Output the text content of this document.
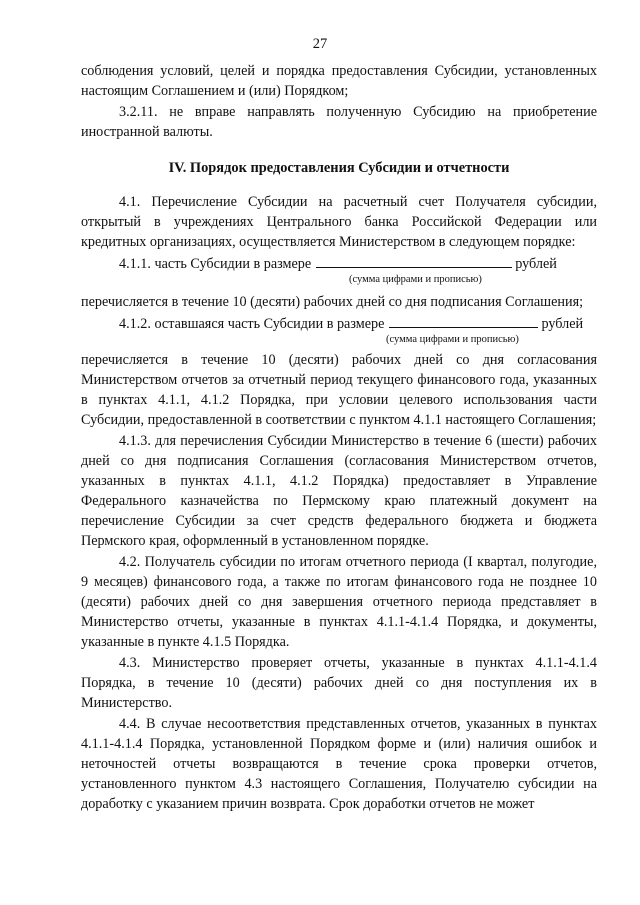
27

соблюдения условий, целей и порядка предоставления Субсидии, установленных настоящим Соглашением и (или) Порядком;

3.2.11. не вправе направлять полученную Субсидию на приобретение иностранной валюты.

IV. Порядок предоставления Субсидии и отчетности

4.1. Перечисление Субсидии на расчетный счет Получателя субсидии, открытый в учреждениях Центрального банка Российской Федерации или кредитных организациях, осуществляется Министерством в следующем порядке:

4.1.1. часть Субсидии в размере	рублей
(сумма цифрами и прописью)

перечисляется в течение 10 (десяти) рабочих дней со дня подписания Соглашения;

4.1.2. оставшаяся часть Субсидии в размере	рублей
(сумма цифрами и прописью)

перечисляется в течение 10 (десяти) рабочих дней со дня согласования Министерством отчетов за отчетный период текущего финансового года, указанных в пунктах 4.1.1, 4.1.2 Порядка, при условии целевого использования части Субсидии, предоставленной в соответствии с пунктом 4.1.1 настоящего Соглашения;

4.1.3. для перечисления Субсидии Министерство в течение 6 (шести) рабочих дней со дня подписания Соглашения (согласования Министерством отчетов, указанных в пунктах 4.1.1, 4.1.2 Порядка) предоставляет в Управление Федерального казначейства по Пермскому краю платежный документ на перечисление Субсидии за счет средств федерального бюджета и бюджета Пермского края, оформленный в установленном порядке.

4.2. Получатель субсидии по итогам отчетного периода (I квартал, полугодие, 9 месяцев) финансового года, а также по итогам финансового года не позднее 10 (десяти) рабочих дней со дня завершения отчетного периода представляет в Министерство отчеты, указанные в пунктах 4.1.1-4.1.4 Порядка, и документы, указанные в пункте 4.1.5 Порядка.

4.3. Министерство проверяет отчеты, указанные в пунктах 4.1.1-4.1.4 Порядка, в течение 10 (десяти) рабочих дней со дня поступления их в Министерство.

4.4. В случае несоответствия представленных отчетов, указанных в пунктах 4.1.1-4.1.4 Порядка, установленной Порядком форме и (или) наличия ошибок и неточностей отчеты возвращаются в течение срока проверки отчетов, установленного пунктом 4.3 настоящего Соглашения, Получателю субсидии на доработку с указанием причин возврата. Срок доработки отчетов не может
